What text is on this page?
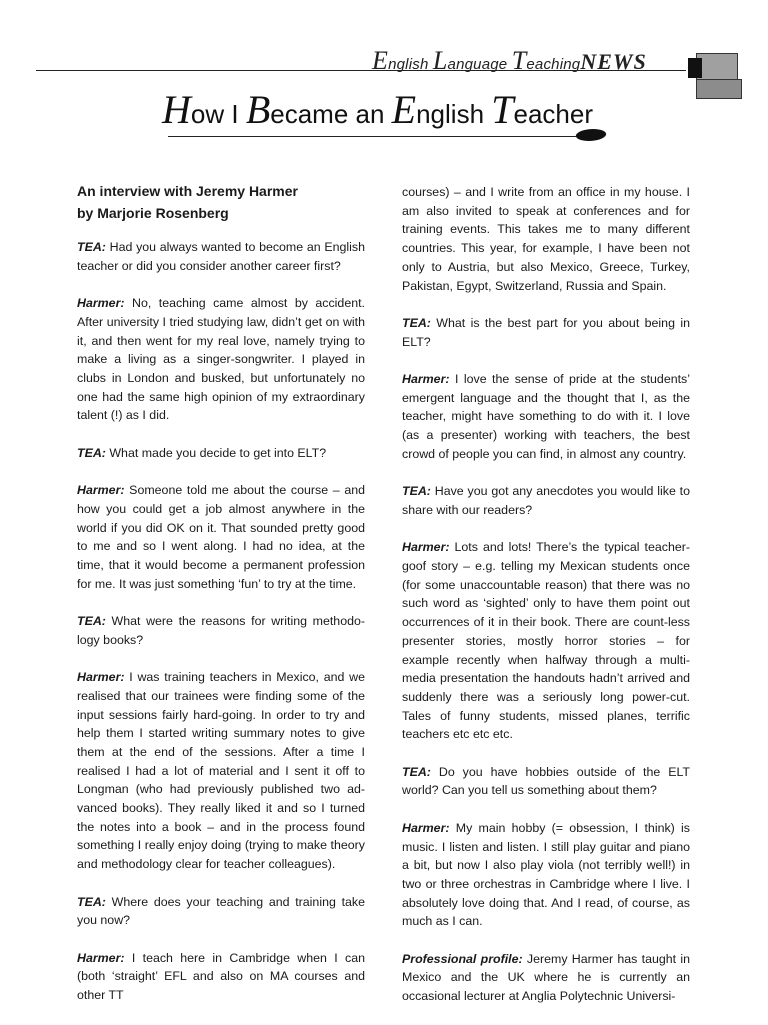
English Language TeachingNEWS
How I Became an English Teacher

An interview with Jeremy Harmer
by Marjorie Rosenberg

TEA: Had you always wanted to become an English teacher or did you consider another career first?

Harmer: No, teaching came almost by accident. After university I tried studying law, didn’t get on with it, and then went for my real love, namely trying to make a living as a singer-songwriter. I played in clubs in London and busked, but unfortunately no one had the same high opinion of my extraordinary talent (!) as I did.

TEA: What made you decide to get into ELT?

Harmer: Someone told me about the course – and how you could get a job almost anywhere in the world if you did OK on it. That sounded pretty good to me and so I went along. I had no idea, at the time, that it would become a permanent profession for me. It was just something ‘fun’ to try at the time.

TEA: What were the reasons for writing methodo-logy books?

Harmer: I was training teachers in Mexico, and we realised that our trainees were finding some of the input sessions fairly hard-going. In order to try and help them I started writing summary notes to give them at the end of the sessions. After a time I realised I had a lot of material and I sent it off to Longman (who had previously published two ad-vanced books). They really liked it and so I turned the notes into a book – and in the process found something I really enjoy doing (trying to make theory and methodology clear for teacher colleagues).

TEA: Where does your teaching and training take you now?

Harmer: I teach here in Cambridge when I can (both ‘straight’ EFL and also on MA courses and other TT

courses) – and I write from an office in my house. I am also invited to speak at conferences and for training events. This takes me to many different countries. This year, for example, I have been not only to Austria, but also Mexico, Greece, Turkey, Pakistan, Egypt, Switzerland, Russia and Spain.

TEA: What is the best part for you about being in ELT?

Harmer: I love the sense of pride at the students’ emergent language and the thought that I, as the teacher, might have something to do with it. I love (as a presenter) working with teachers, the best crowd of people you can find, in almost any country.

TEA: Have you got any anecdotes you would like to share with our readers?

Harmer: Lots and lots! There’s the typical teacher-goof story – e.g. telling my Mexican students once (for some unaccountable reason) that there was no such word as ‘sighted’ only to have them point out occurrences of it in their book. There are count-less presenter stories, mostly horror stories – for example recently when halfway through a multi-media presentation the handouts hadn’t arrived and suddenly there was a seriously long power-cut. Tales of funny students, missed planes, terrific teachers etc etc etc.

TEA: Do you have hobbies outside of the ELT world? Can you tell us something about them?

Harmer: My main hobby (= obsession, I think) is music. I listen and listen. I still play guitar and piano a bit, but now I also play viola (not terribly well!) in two or three orchestras in Cambridge where I live. I absolutely love doing that. And I read, of course, as much as I can.

Professional profile: Jeremy Harmer has taught in Mexico and the UK where he is currently an occasional lecturer at Anglia Polytechnic Universi-
